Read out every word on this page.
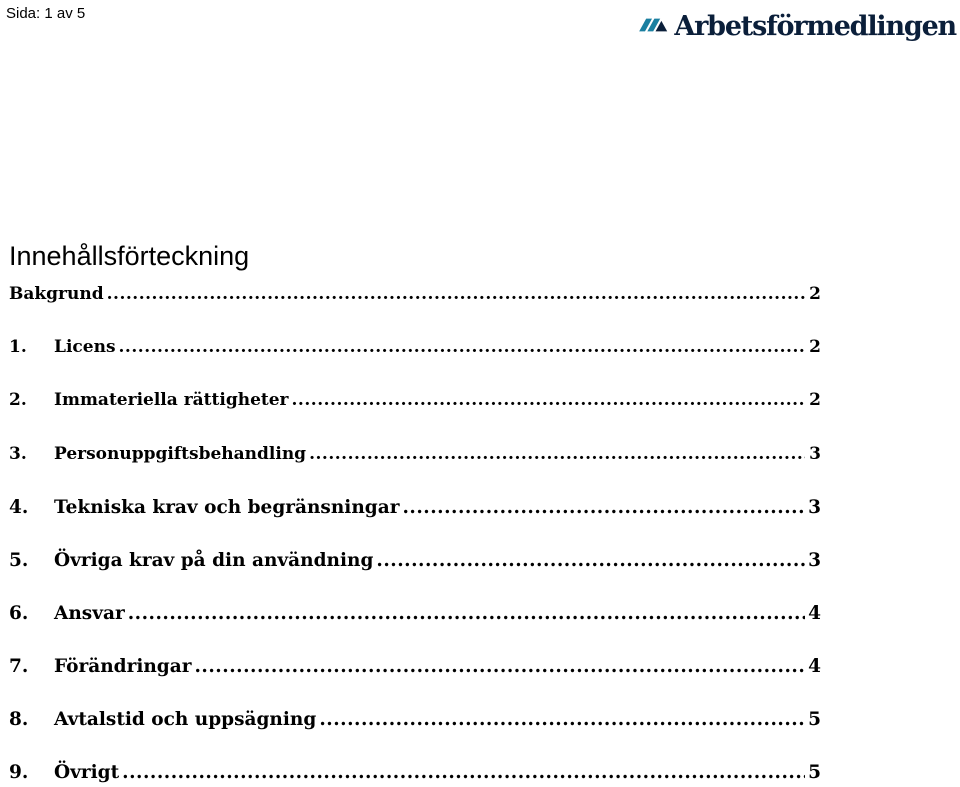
Sida: 1 av 5	Arbetsförmedlingen
Innehållsförteckning
Bakgrund .....	2
1.	Licens .....	2
2.	Immateriella rättigheter .....	2
3.	Personuppgiftsbehandling .....	3
4.	Tekniska krav och begränsningar .....	3
5.	Övriga krav på din användning .....	3
6.	Ansvar .....	4
7.	Förändringar .....	4
8.	Avtalstid och uppsägning .....	5
9.	Övrigt .....	5
